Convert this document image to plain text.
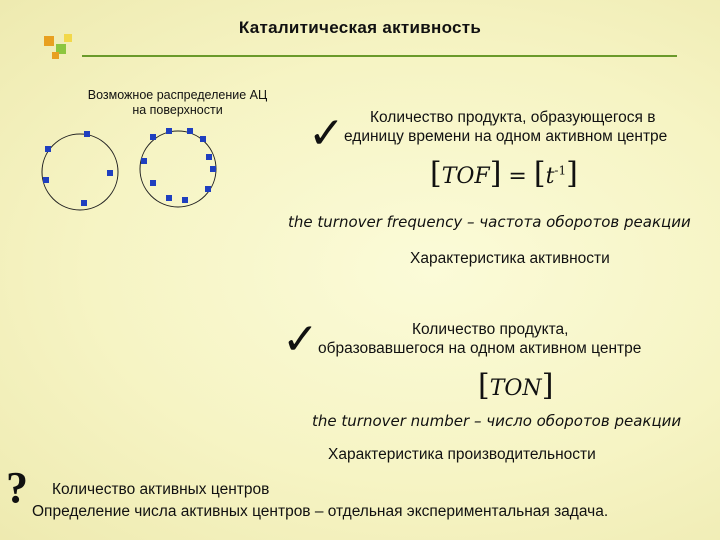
Каталитическая активность
Возможное распределение АЦ
на поверхности	✓	Количество продукта, образующегося в
единицу времени на одном активном центре
$[TOF] = [t^{-1}]$
the turnover frequency – частота оборотов реакции
Характеристика активности
✓	Количество продукта,
образовавшегося на одном активном центре
[TON]
the turnover number – число оборотов реакции
Характеристика производительности
? Количество активных центров
Определение числа активных центров – отдельная экспериментальная задача.
